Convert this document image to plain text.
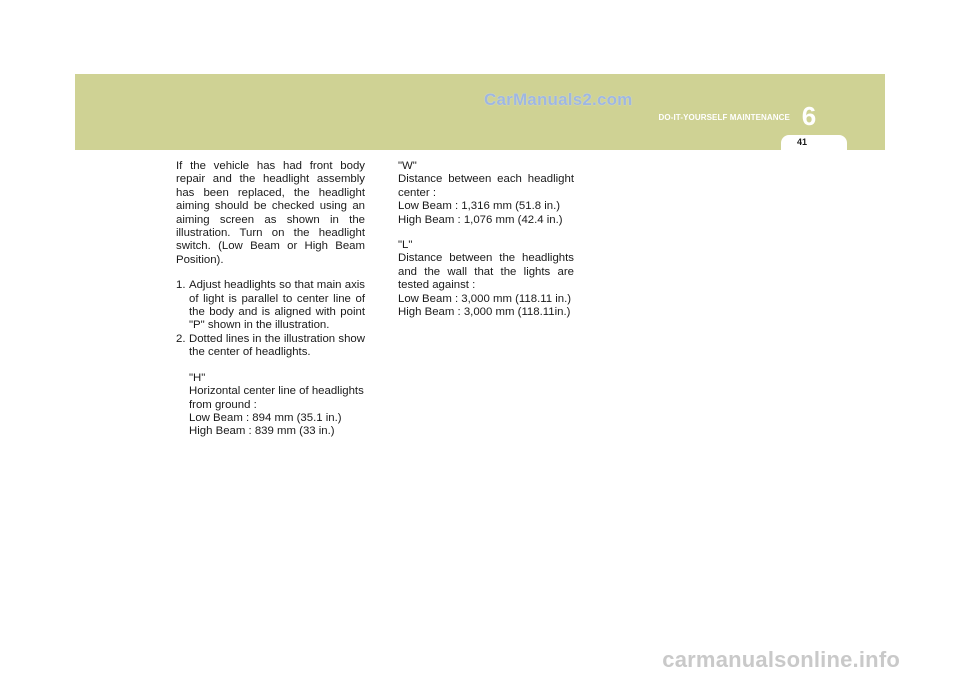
CarManuals2.com
DO-IT-YOURSELF MAINTENANCE 6
41

If the vehicle has had front body repair and the headlight assembly has been replaced, the headlight aiming should be checked using an aiming screen as shown in the illustration. Turn on the headlight switch. (Low Beam or High Beam Position).

1. Adjust headlights so that main axis of light is parallel to center line of the body and is aligned with point "P" shown in the illustration.
2. Dotted lines in the illustration show the center of headlights.

"H"

Horizontal center line of headlights from ground :

Low Beam : 894 mm (35.1 in.)

High Beam : 839 mm (33 in.)

"W"

Distance between each headlight center :

Low Beam : 1,316 mm (51.8 in.)

High Beam : 1,076 mm (42.4 in.)

"L"

Distance between the headlights and the wall that the lights are tested against :

Low Beam : 3,000 mm (118.11 in.)

High Beam : 3,000 mm (118.11in.)

carmanualsonline.info
